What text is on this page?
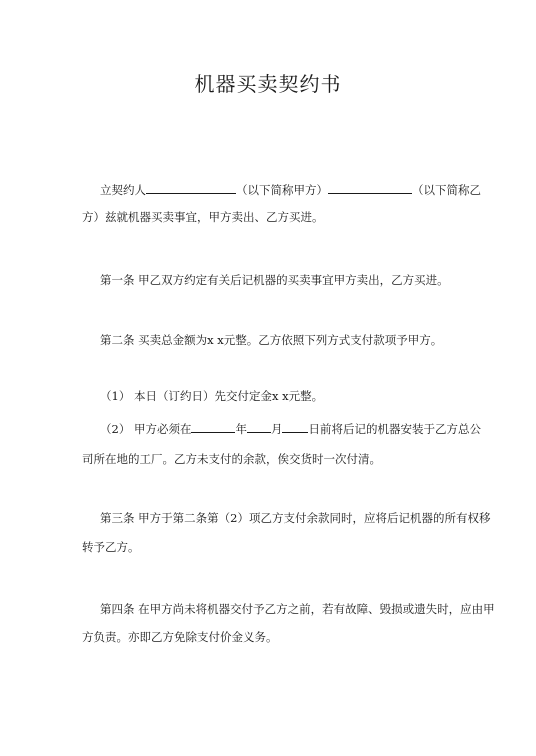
机器买卖契约书
立契约人	（以下简称甲方）	（以下简称乙
方）兹就机器买卖事宜，甲方卖出、乙方买进。
第一条 甲乙双方约定有关后记机器的买卖事宜甲方卖出，乙方买进。
第二条 买卖总金额为x x元整。乙方依照下列方式支付款项予甲方。
（1） 本日（订约日）先交付定金x x元整。
（2） 甲方必须在	年 月 日前将后记的机器安装于乙方总公
司所在地的工厂。乙方未支付的余款，俟交货时一次付清。
第三条 甲方于第二条第（2）项乙方支付余款同时，应将后记机器的所有权移
转予乙方。
第四条 在甲方尚未将机器交付予乙方之前，若有故障、毁损或遗失时，应由甲
方负责。亦即乙方免除支付价金义务。
